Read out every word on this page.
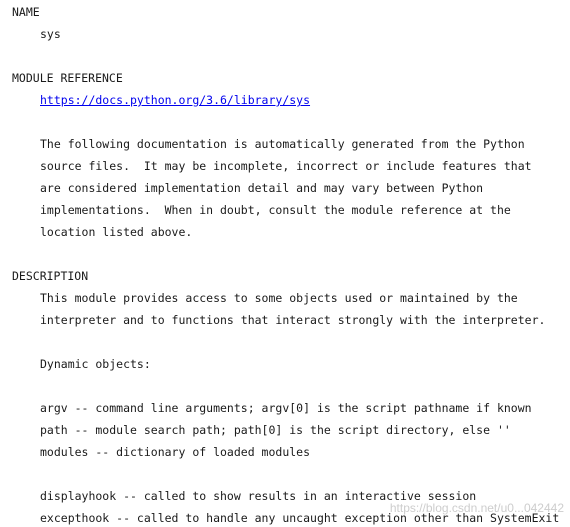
NAME
sys
MODULE REFERENCE
https://docs.python.org/3.6/library/sys
The following documentation is automatically generated from the Python
source files.  It may be incomplete, incorrect or include features that
are considered implementation detail and may vary between Python
implementations.  When in doubt, consult the module reference at the
location listed above.
DESCRIPTION
This module provides access to some objects used or maintained by the
interpreter and to functions that interact strongly with the interpreter.
Dynamic objects:
argv -- command line arguments; argv[0] is the script pathname if known
path -- module search path; path[0] is the script directory, else ''
modules -- dictionary of loaded modules
displayhook -- called to show results in an interactive session
excepthook -- called to handle any uncaught exception other than SystemExit
https://blog.csdn.net/u0...042442
